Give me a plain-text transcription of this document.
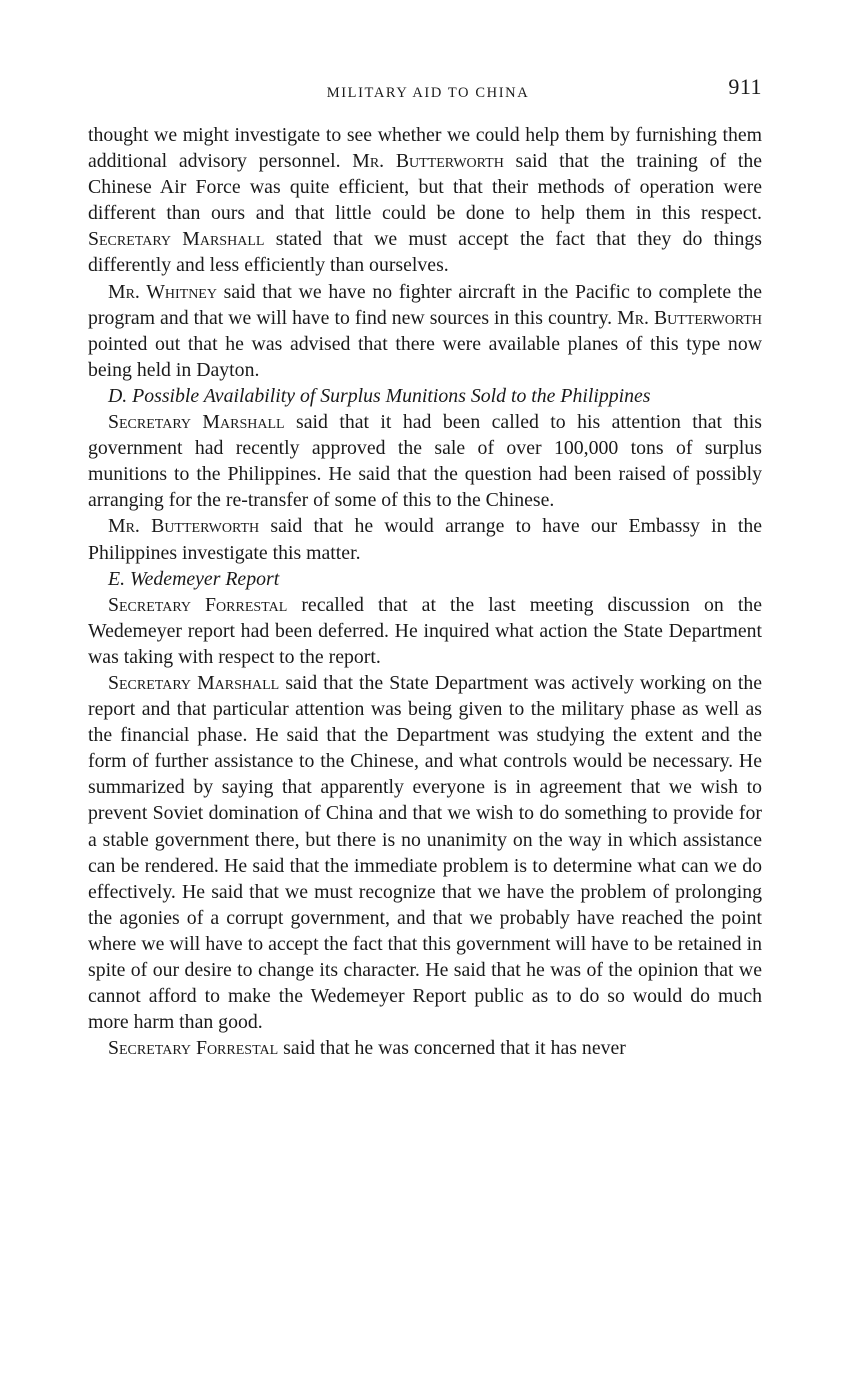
MILITARY AID TO CHINA	911

thought we might investigate to see whether we could help them by furnishing them additional advisory personnel. Mr. Butterworth said that the training of the Chinese Air Force was quite efficient, but that their methods of operation were different than ours and that little could be done to help them in this respect. Secretary Marshall stated that we must accept the fact that they do things differently and less efficiently than ourselves.

Mr. Whitney said that we have no fighter aircraft in the Pacific to complete the program and that we will have to find new sources in this country. Mr. Butterworth pointed out that he was advised that there were available planes of this type now being held in Dayton.

D. Possible Availability of Surplus Munitions Sold to the Philippines

Secretary Marshall said that it had been called to his attention that this government had recently approved the sale of over 100,000 tons of surplus munitions to the Philippines. He said that the question had been raised of possibly arranging for the re-transfer of some of this to the Chinese.

Mr. Butterworth said that he would arrange to have our Embassy in the Philippines investigate this matter.

E. Wedemeyer Report

Secretary Forrestal recalled that at the last meeting discussion on the Wedemeyer report had been deferred. He inquired what action the State Department was taking with respect to the report.

Secretary Marshall said that the State Department was actively working on the report and that particular attention was being given to the military phase as well as the financial phase. He said that the Department was studying the extent and the form of further assistance to the Chinese, and what controls would be necessary. He summarized by saying that apparently everyone is in agreement that we wish to prevent Soviet domination of China and that we wish to do something to provide for a stable government there, but there is no unanimity on the way in which assistance can be rendered. He said that the immediate problem is to determine what can we do effectively. He said that we must recognize that we have the problem of prolonging the agonies of a corrupt government, and that we probably have reached the point where we will have to accept the fact that this government will have to be retained in spite of our desire to change its character. He said that he was of the opinion that we cannot afford to make the Wedemeyer Report public as to do so would do much more harm than good.

Secretary Forrestal said that he was concerned that it has never
